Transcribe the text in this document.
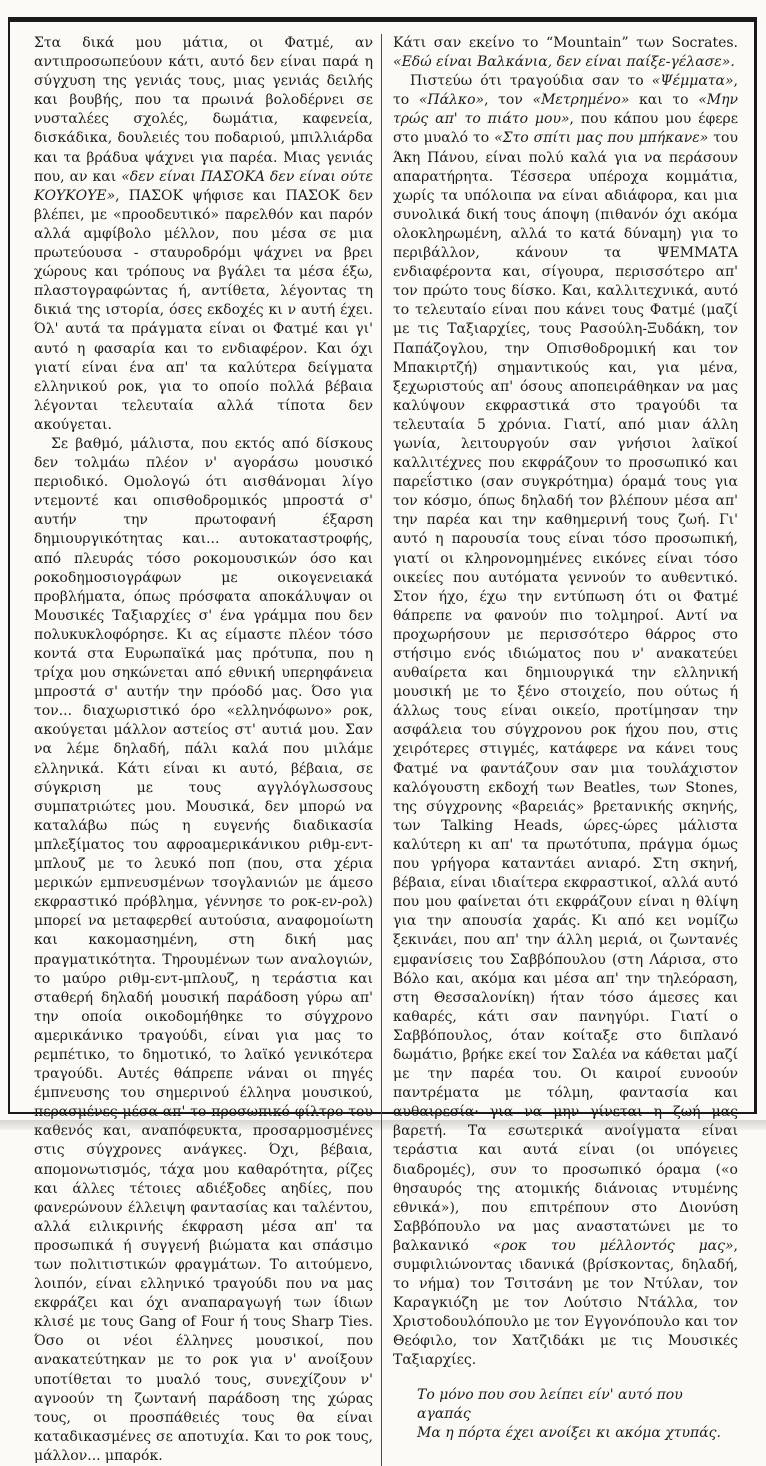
Στα δικά μου μάτια, οι Φατμέ, αν αντιπροσωπεύουν κάτι, αυτό δεν είναι παρά η σύγχυση της γενιάς τους, μιας γενιάς δειλής και βουβής, που τα πρωινά βολοδέρνει σε νυσταλέες σχολές, δωμάτια, καφενεία, δισκάδικα, δουλειές του ποδαριού, μπιλλιάρδα και τα βράδυα ψάχνει για παρέα. Μιας γενιάς που, αν και «δεν είναι ΠΑΣΟΚΑ δεν είναι ούτε ΚΟΥΚΟΥΕ», ΠΑΣΟΚ ψήφισε και ΠΑΣΟΚ δεν βλέπει, με «προοδευτικό» παρελθόν και παρόν αλλά αμφίβολο μέλλον, που μέσα σε μια πρωτεύουσα - σταυροδρόμι ψάχνει να βρει χώρους και τρόπους να βγάλει τα μέσα έξω, πλαστογραφώντας ή, αντίθετα, λέγοντας τη δικιά της ιστορία, όσες εκδοχές κι ν αυτή έχει. Όλ' αυτά τα πράγματα είναι οι Φατμέ και γι' αυτό η φασαρία και το ενδιαφέρον. Και όχι γιατί είναι ένα απ' τα καλύτερα δείγματα ελληνικού ροκ, για το οποίο πολλά βέβαια λέγονται τελευταία αλλά τίποτα δεν ακούγεται.

Σε βαθμό, μάλιστα, που εκτός από δίσκους δεν τολμάω πλέον ν' αγοράσω μουσικό περιοδικό. Ομολογώ ότι αισθάνομαι λίγο ντεμοντέ και οπισθοδρομικός μπροστά σ' αυτήν την πρωτοφανή έξαρση δημιουργικότητας και... αυτοκαταστροφής, από πλευράς τόσο ροκομουσικών όσο και ροκοδημοσιογράφων με οικογενειακά προβλήματα, όπως πρόσφατα αποκάλυψαν οι Μουσικές Ταξιαρχίες σ' ένα γράμμα που δεν πολυκυκλοφόρησε. Κι ας είμαστε πλέον τόσο κοντά στα Ευρωπαϊκά μας πρότυπα, που η τρίχα μου σηκώνεται από εθνική υπερηφάνεια μπροστά σ' αυτήν την πρόοδό μας. Όσο για τον... διαχωριστικό όρο «ελληνόφωνο» ροκ, ακούγεται μάλλον αστείος στ' αυτιά μου. Σαν να λέμε δηλαδή, πάλι καλά που μιλάμε ελληνικά. Κάτι είναι κι αυτό, βέβαια, σε σύγκριση με τους αγγλόγλωσσους συμπατριώτες μου. Μουσικά, δεν μπορώ να καταλάβω πώς η ευγενής διαδικασία μπλεξίματος του αφροαμερικάνικου ριθμ-εντ-μπλουζ με το λευκό ποπ (που, στα χέρια μερικών εμπνευσμένων τσογλανιών με άμεσο εκφραστικό πρόβλημα, γέννησε το ροκ-εν-ρολ) μπορεί να μεταφερθεί αυτούσια, αναφομοίωτη και κακομασημένη, στη δική μας πραγματικότητα. Τηρουμένων των αναλογιών, το μαύρο ριθμ-εντ-μπλουζ, η τεράστια και σταθερή δηλαδή μουσική παράδοση γύρω απ' την οποία οικοδομήθηκε το σύγχρονο αμερικάνικο τραγούδι, είναι για μας το ρεμπέτικο, το δημοτικό, το λαϊκό γενικότερα τραγούδι. Αυτές θάπρεπε νάναι οι πηγές έμπνευσης του σημερινού έλληνα μουσικού, περασμένες μέσα απ' το προσωπικό φίλτρο του καθενός και, αναπόφευκτα, προσαρμοσμένες στις σύγχρονες ανάγκες. Όχι, βέβαια, απομονωτισμός, τάχα μου καθαρότητα, ρίζες και άλλες τέτοιες αδιέξοδες αηδίες, που φανερώνουν έλλειψη φαντασίας και ταλέντου, αλλά ειλικρινής έκφραση μέσα απ' τα προσωπικά ή συγγενή βιώματα και σπάσιμο των πολιτιστικών φραγμάτων. Το αιτούμενο, λοιπόν, είναι ελληνικό τραγούδι που να μας εκφράζει και όχι αναπαραγωγή των ίδιων κλισέ με τους Gang of Four ή τους Sharp Ties. Όσο οι νέοι έλληνες μουσικοί, που ανακατεύτηκαν με το ροκ για ν' ανοίξουν υποτίθεται το μυαλό τους, συνεχίζουν ν' αγνοούν τη ζωντανή παράδοση της χώρας τους, οι προσπάθειές τους θα είναι καταδικασμένες σε αποτυχία. Και το ροκ τους, μάλλον... μπαρόκ.

Κάτι σαν εκείνο το “Mountain” των Socrates. «Εδώ είναι Βαλκάνια, δεν είναι παίξε-γέλασε».

Πιστεύω ότι τραγούδια σαν το «Ψέμματα», το «Πάλκο», τον «Μετρημένο» και το «Μην τρώς απ' το πιάτο μου», που κάπου μου έφερε στο μυαλό το «Στο σπίτι μας που μπήκανε» του Άκη Πάνου, είναι πολύ καλά για να περάσουν απαρατήρητα. Τέσσερα υπέροχα κομμάτια, χωρίς τα υπόλοιπα να είναι αδιάφορα, και μια συνολικά δική τους άποψη (πιθανόν όχι ακόμα ολοκληρωμένη, αλλά το κατά δύναμη) για το περιβάλλον, κάνουν τα ΨΕΜΜΑΤΑ ενδιαφέροντα και, σίγουρα, περισσότερο απ' τον πρώτο τους δίσκο. Και, καλλιτεχνικά, αυτό το τελευταίο είναι που κάνει τους Φατμέ (μαζί με τις Ταξιαρχίες, τους Ρασούλη-Ξυδάκη, τον Παπάζογλου, την Οπισθοδρομική και τον Μπακιρτζή) σημαντικούς και, για μένα, ξεχωριστούς απ' όσους αποπειράθηκαν να μας καλύψουν εκφραστικά στο τραγούδι τα τελευταία 5 χρόνια. Γιατί, από μιαν άλλη γωνία, λειτουργούν σαν γνήσιοι λαϊκοί καλλιτέχνες που εκφράζουν το προσωπικό και παρεΐστικο (σαν συγκρότημα) όραμά τους για τον κόσμο, όπως δηλαδή τον βλέπουν μέσα απ' την παρέα και την καθημερινή τους ζωή. Γι' αυτό η παρουσία τους είναι τόσο προσωπική, γιατί οι κληρονομημένες εικόνες είναι τόσο οικείες που αυτόματα γεννούν το αυθεντικό. Στον ήχο, έχω την εντύπωση ότι οι Φατμέ θάπρεπε να φανούν πιο τολμηροί. Αντί να προχωρήσουν με περισσότερο θάρρος στο στήσιμο ενός ιδιώματος που ν' ανακατεύει αυθαίρετα και δημιουργικά την ελληνική μουσική με το ξένο στοιχείο, που ούτως ή άλλως τους είναι οικείο, προτίμησαν την ασφάλεια του σύγχρονου ροκ ήχου που, στις χειρότερες στιγμές, κατάφερε να κάνει τους Φατμέ να φαντάζουν σαν μια τουλάχιστον καλόγουστη εκδοχή των Beatles, των Stones, της σύγχρονης «βαρειάς» βρετανικής σκηνής, των Talking Heads, ώρες-ώρες μάλιστα καλύτερη κι απ' τα πρωτότυπα, πράγμα όμως που γρήγορα καταντάει ανιαρό. Στη σκηνή, βέβαια, είναι ιδιαίτερα εκφραστικοί, αλλά αυτό που μου φαίνεται ότι εκφράζουν είναι η θλίψη για την απουσία χαράς. Κι από κει νομίζω ξεκινάει, που απ' την άλλη μεριά, οι ζωντανές εμφανίσεις του Σαββόπουλου (στη Λάρισα, στο Βόλο και, ακόμα και μέσα απ' την τηλεόραση, στη Θεσσαλονίκη) ήταν τόσο άμεσες και καθαρές, κάτι σαν πανηγύρι. Γιατί ο Σαββόπουλος, όταν κοίταξε στο διπλανό δωμάτιο, βρήκε εκεί τον Σαλέα να κάθεται μαζί με την παρέα του. Οι καιροί ευνοούν παντρέματα με τόλμη, φαντασία και αυθαιρεσία· για να μην γίνεται η ζωή μας βαρετή. Τα εσωτερικά ανοίγματα είναι τεράστια και αυτά είναι (οι υπόγειες διαδρομές), συν το προσωπικό όραμα («ο θησαυρός της ατομικής διάνοιας ντυμένης εθνικά»), που επιτρέπουν στο Διονύση Σαββόπουλο να μας αναστατώνει με το βαλκανικό «ροκ του μέλλοντός μας», συμφιλιώνοντας ιδανικά (βρίσκοντας, δηλαδή, το νήμα) τον Τσιτσάνη με τον Ντύλαν, τον Καραγκιόζη με τον Λούτσιο Ντάλλα, τον Χριστοδουλόπουλο με τον Εγγονόπουλο και τον Θεόφιλο, τον Χατζιδάκι με τις Μουσικές Ταξιαρχίες.

Το μόνο που σου λείπει είν' αυτό που αγαπάς

Μα η πόρτα έχει ανοίξει κι ακόμα χτυπάς.
